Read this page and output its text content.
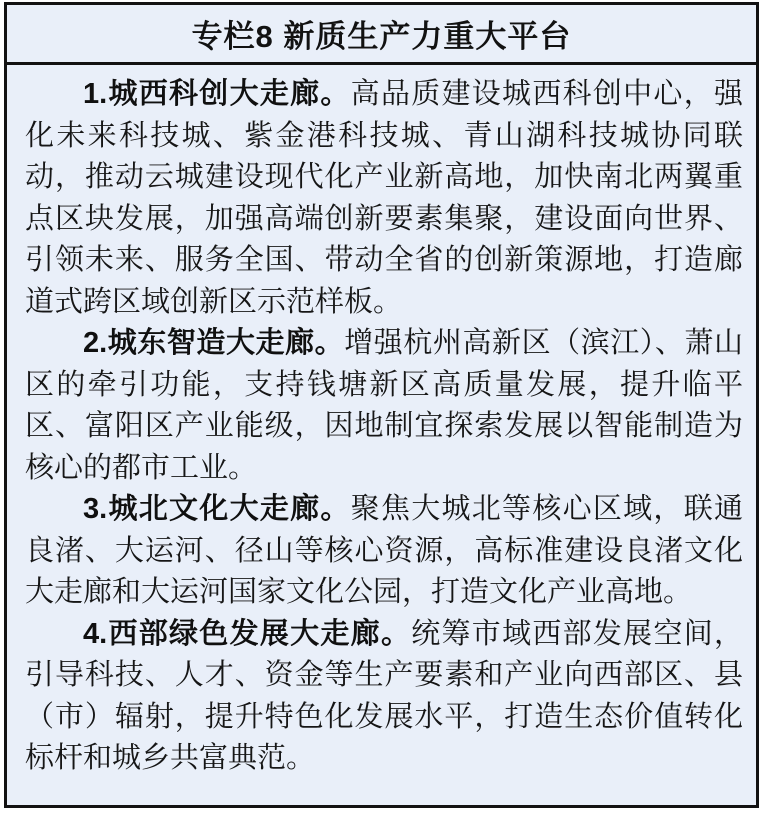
专栏8 新质生产力重大平台

1.城西科创大走廊。高品质建设城西科创中心，强化未来科技城、紫金港科技城、青山湖科技城协同联动，推动云城建设现代化产业新高地，加快南北两翼重点区块发展，加强高端创新要素集聚，建设面向世界、引领未来、服务全国、带动全省的创新策源地，打造廊道式跨区域创新区示范样板。

2.城东智造大走廊。增强杭州高新区（滨江）、萧山区的牵引功能，支持钱塘新区高质量发展，提升临平区、富阳区产业能级，因地制宜探索发展以智能制造为核心的都市工业。

3.城北文化大走廊。聚焦大城北等核心区域，联通良渚、大运河、径山等核心资源，高标准建设良渚文化大走廊和大运河国家文化公园，打造文化产业高地。

4.西部绿色发展大走廊。统筹市域西部发展空间，引导科技、人才、资金等生产要素和产业向西部区、县（市）辐射，提升特色化发展水平，打造生态价值转化标杆和城乡共富典范。
